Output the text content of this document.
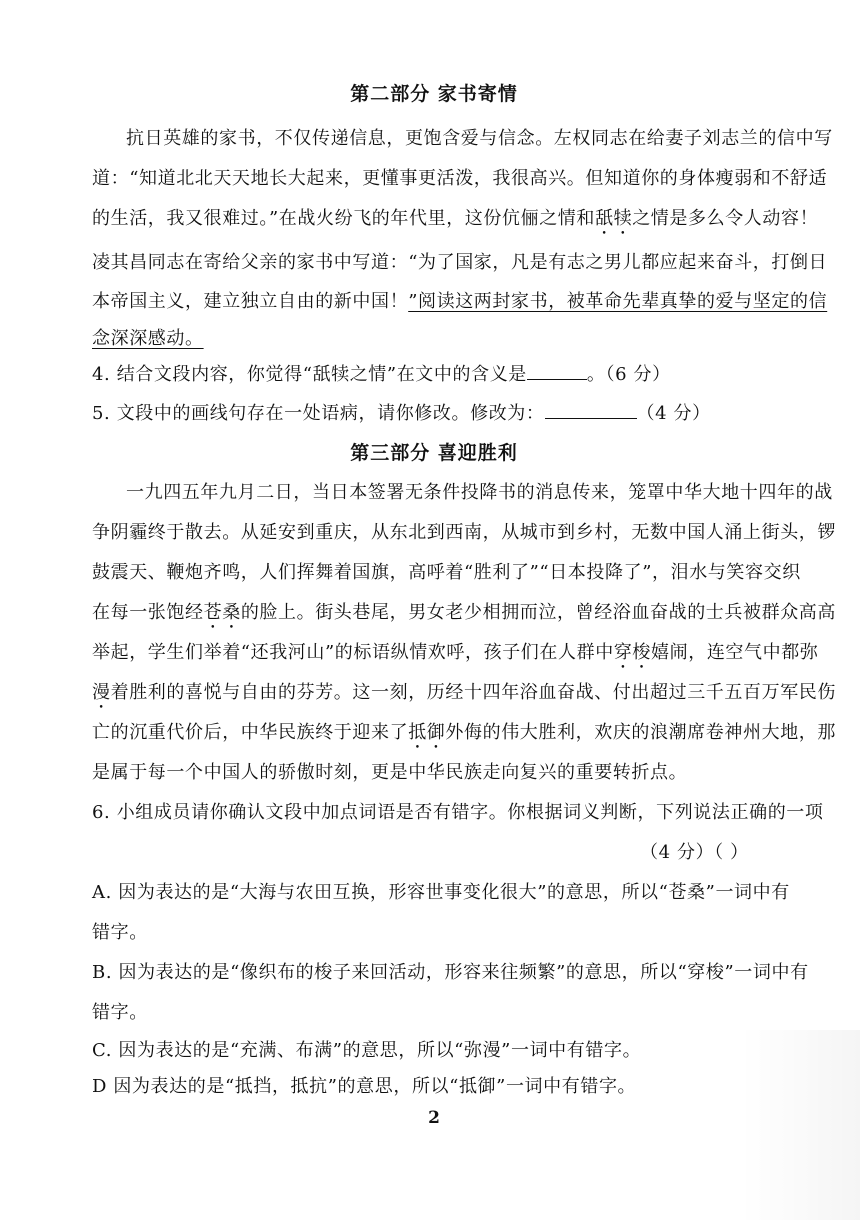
第二部分 家书寄情
抗日英雄的家书，不仅传递信息，更饱含爱与信念。左权同志在给妻子刘志兰的信中写
道：“知道北北天天地长大起来，更懂事更活泼，我很高兴。但知道你的身体瘦弱和不舒适
的生活，我又很难过。”在战火纷飞的年代里，这份伉俪之情和舐犊之情是多么令人动容！
凌其昌同志在寄给父亲的家书中写道：“为了国家，凡是有志之男儿都应起来奋斗，打倒日
本帝国主义，建立独立自由的新中国！”阅读这两封家书，被革命先辈真挚的爱与坚定的信
念深深感动。
4. 结合文段内容，你觉得“舐犊之情”在文中的含义是	。（6 分）
5. 文段中的画线句存在一处语病，请你修改。修改为：	（4 分）
第三部分 喜迎胜利
一九四五年九月二日，当日本签署无条件投降书的消息传来，笼罩中华大地十四年的战
争阴霾终于散去。从延安到重庆，从东北到西南，从城市到乡村，无数中国人涌上街头，锣
鼓震天、鞭炮齐鸣，人们挥舞着国旗，高呼着“胜利了”“日本投降了”，泪水与笑容交织
在每一张饱经苍桑的脸上。街头巷尾，男女老少相拥而泣，曾经浴血奋战的士兵被群众高高
举起，学生们举着“还我河山”的标语纵情欢呼，孩子们在人群中穿梭嬉闹，连空气中都弥
漫着胜利的喜悦与自由的芬芳。这一刻，历经十四年浴血奋战、付出超过三千五百万军民伤
亡的沉重代价后，中华民族终于迎来了抵御外侮的伟大胜利，欢庆的浪潮席卷神州大地，那
是属于每一个中国人的骄傲时刻，更是中华民族走向复兴的重要转折点。
6. 小组成员请你确认文段中加点词语是否有错字。你根据词义判断，下列说法正确的一项
（4 分）（ ）
A. 因为表达的是“大海与农田互换，形容世事变化很大”的意思，所以“苍桑”一词中有
错字。
B. 因为表达的是“像织布的梭子来回活动，形容来往频繁”的意思，所以“穿梭”一词中有
错字。
C. 因为表达的是“充满、布满”的意思，所以“弥漫”一词中有错字。
D 因为表达的是“抵挡，抵抗”的意思，所以“抵御”一词中有错字。
2
